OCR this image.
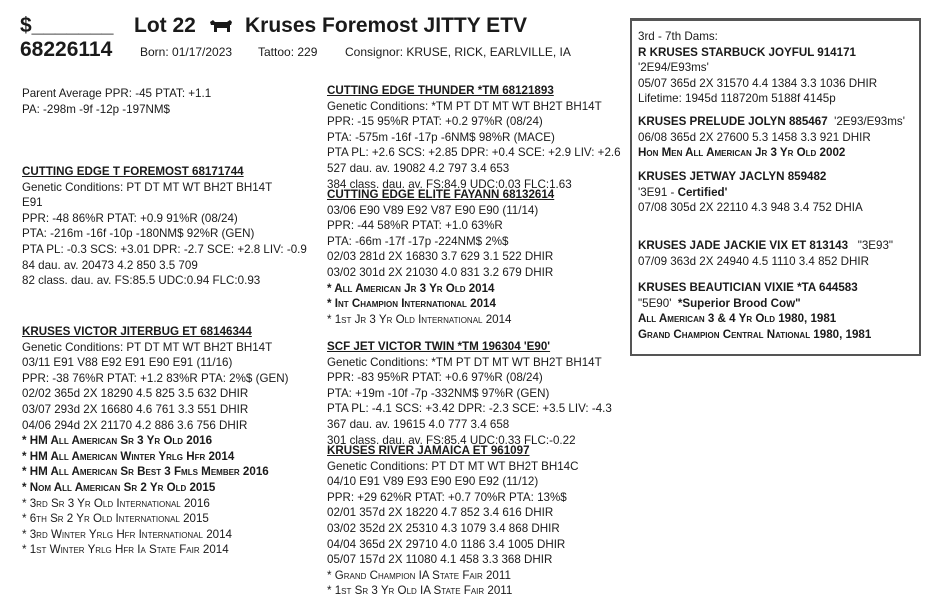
$_______ Lot 22 Kruses Foremost JITTY ETV
68226114 Born: 01/17/2023 Tattoo: 229 Consignor: KRUSE, RICK, EARLVILLE, IA
Parent Average PPR: -45 PTAT: +1.1
PA: -298m -9f -12p -197NM$
CUTTING EDGE T FOREMOST 68171744
Genetic Conditions: PT DT MT WT BH2T BH14T
E91
PPR: -48 86%R PTAT: +0.9 91%R (08/24)
PTA: -216m -16f -10p -180NM$ 92%R (GEN)
PTA PL: -0.3 SCS: +3.01 DPR: -2.7 SCE: +2.8 LIV: -0.9
84 dau. av. 20473 4.2 850 3.5 709
82 class. dau. av. FS:85.5 UDC:0.94 FLC:0.93
KRUSES VICTOR JITERBUG ET 68146344
Genetic Conditions: PT DT MT WT BH2T BH14T
03/11 E91 V88 E92 E91 E90 E91 (11/16)
PPR: -38 76%R PTAT: +1.2 83%R PTA: 2%$ (GEN)
02/02 365d 2X 18290 4.5 825 3.5 632 DHIR
03/07 293d 2X 16680 4.6 761 3.3 551 DHIR
04/06 294d 2X 21170 4.2 886 3.6 756 DHIR
* HM All American Sr 3 Yr Old 2016
* HM All American Winter Yrlg Hfr 2014
* HM All American Sr Best 3 Fmls Member 2016
* Nom All American Sr 2 Yr Old 2015
* 3rd Sr 3 Yr Old International 2016
* 6th Sr 2 Yr Old International 2015
* 3rd Winter Yrlg Hfr International 2014
* 1st Winter Yrlg Hfr Ia State Fair 2014
CUTTING EDGE THUNDER *TM 68121893
Genetic Conditions: *TM PT DT MT WT BH2T BH14T
PPR: -15 95%R PTAT: +0.2 97%R (08/24)
PTA: -575m -16f -17p -6NM$ 98%R (MACE)
PTA PL: +2.6 SCS: +2.85 DPR: +0.4 SCE: +2.9 LIV: +2.6
527 dau. av. 19082 4.2 797 3.4 653
384 class. dau. av. FS:84.9 UDC:0.03 FLC:1.63
CUTTING EDGE ELITE FAYANN 68132614
03/06 E90 V89 E92 V87 E90 E90 (11/14)
PPR: -44 58%R PTAT: +1.0 63%R
PTA: -66m -17f -17p -224NM$ 2%$
02/03 281d 2X 16830 3.7 629 3.1 522 DHIR
03/02 301d 2X 21030 4.0 831 3.2 679 DHIR
* All American Jr 3 Yr Old 2014
* Int Champion International 2014
* 1st Jr 3 Yr Old International 2014
SCF JET VICTOR TWIN *TM 196304 'E90'
Genetic Conditions: *TM PT DT MT WT BH2T BH14T
PPR: -83 95%R PTAT: +0.6 97%R (08/24)
PTA: +19m -10f -7p -332NM$ 97%R (GEN)
PTA PL: -4.1 SCS: +3.42 DPR: -2.3 SCE: +3.5 LIV: -4.3
367 dau. av. 19615 4.0 777 3.4 658
301 class. dau. av. FS:85.4 UDC:0.33 FLC:-0.22
KRUSES RIVER JAMAICA ET 961097
Genetic Conditions: PT DT MT WT BH2T BH14C
04/10 E91 V89 E93 E90 E90 E92 (11/12)
PPR: +29 62%R PTAT: +0.7 70%R PTA: 13%$
02/01 357d 2X 18220 4.7 852 3.4 616 DHIR
03/02 352d 2X 25310 4.3 1079 3.4 868 DHIR
04/04 365d 2X 29710 4.0 1186 3.4 1005 DHIR
05/07 157d 2X 11080 4.1 458 3.3 368 DHIR
* Grand Champion IA State Fair 2011
* 1st Sr 3 Yr Old IA State Fair 2011
3rd - 7th Dams:
R KRUSES STARBUCK JOYFUL 914171
'2E94/E93ms'
05/07 365d 2X 31570 4.4 1384 3.3 1036 DHIR
Lifetime: 1945d 118720m 5188f 4145p
KRUSES PRELUDE JOLYN 885467 '2E93/E93ms'
06/08 365d 2X 27600 5.3 1458 3.3 921 DHIR
Hon Men All American Jr 3 Yr Old 2002
KRUSES JETWAY JACLYN 859482
'3E91 - Certified'
07/08 305d 2X 22110 4.3 948 3.4 752 DHIA
KRUSES JADE JACKIE VIX ET 813143 "3E93"
07/09 363d 2X 24940 4.5 1110 3.4 852 DHIR
KRUSES BEAUTICIAN VIXIE *TA 644583
"5E90' *Superior Brood Cow"
All American 3 & 4 Yr Old 1980, 1981
Grand Champion Central National 1980, 1981
